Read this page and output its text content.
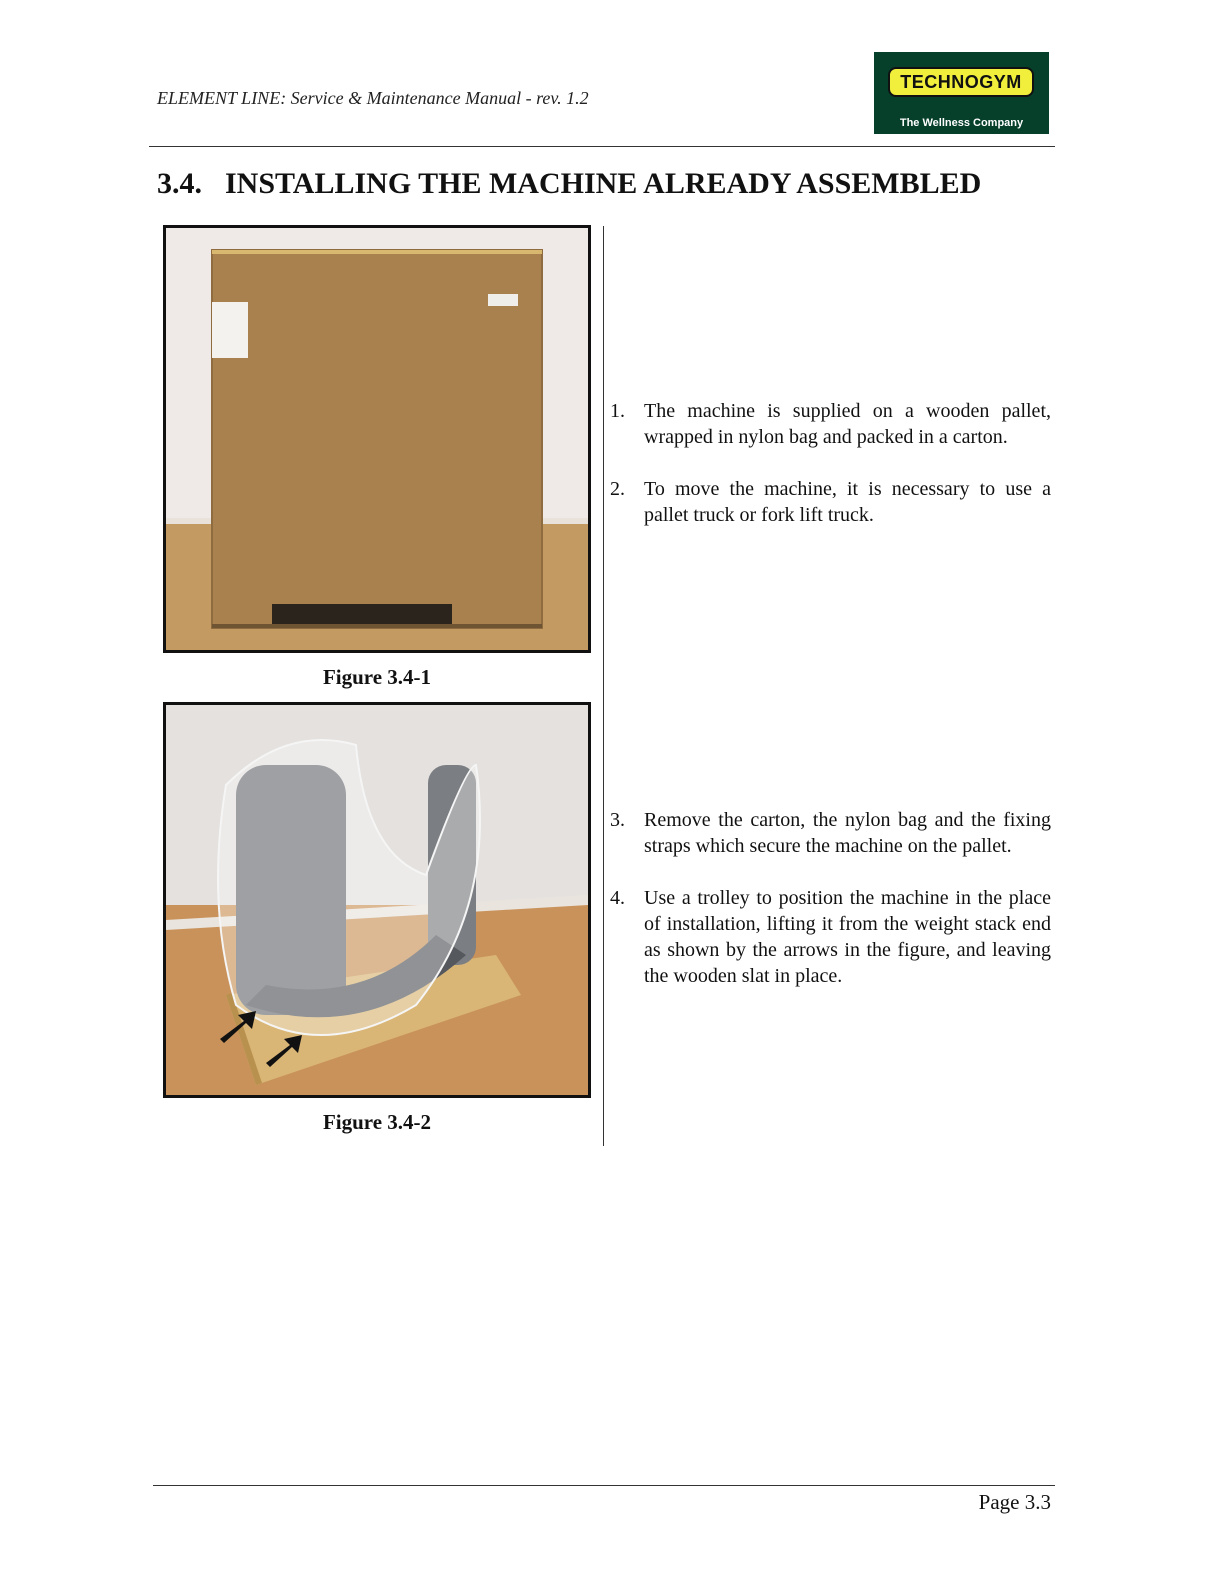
ELEMENT LINE: Service & Maintenance Manual - rev. 1.2
TECHNOGYM
The Wellness Company
3.4. INSTALLING THE MACHINE ALREADY ASSEMBLED
Figure 3.4-1
Figure 3.4-2
1. The machine is supplied on a wooden pallet, wrapped in nylon bag and packed in a carton.
2. To move the machine, it is necessary to use a pallet truck or fork lift truck.
3. Remove the carton, the nylon bag and the fixing straps which secure the machine on the pallet.
4. Use a trolley to position the machine in the place of installation, lifting it from the weight stack end as shown by the arrows in the figure, and leaving the wooden slat in place.
Page 3.3
